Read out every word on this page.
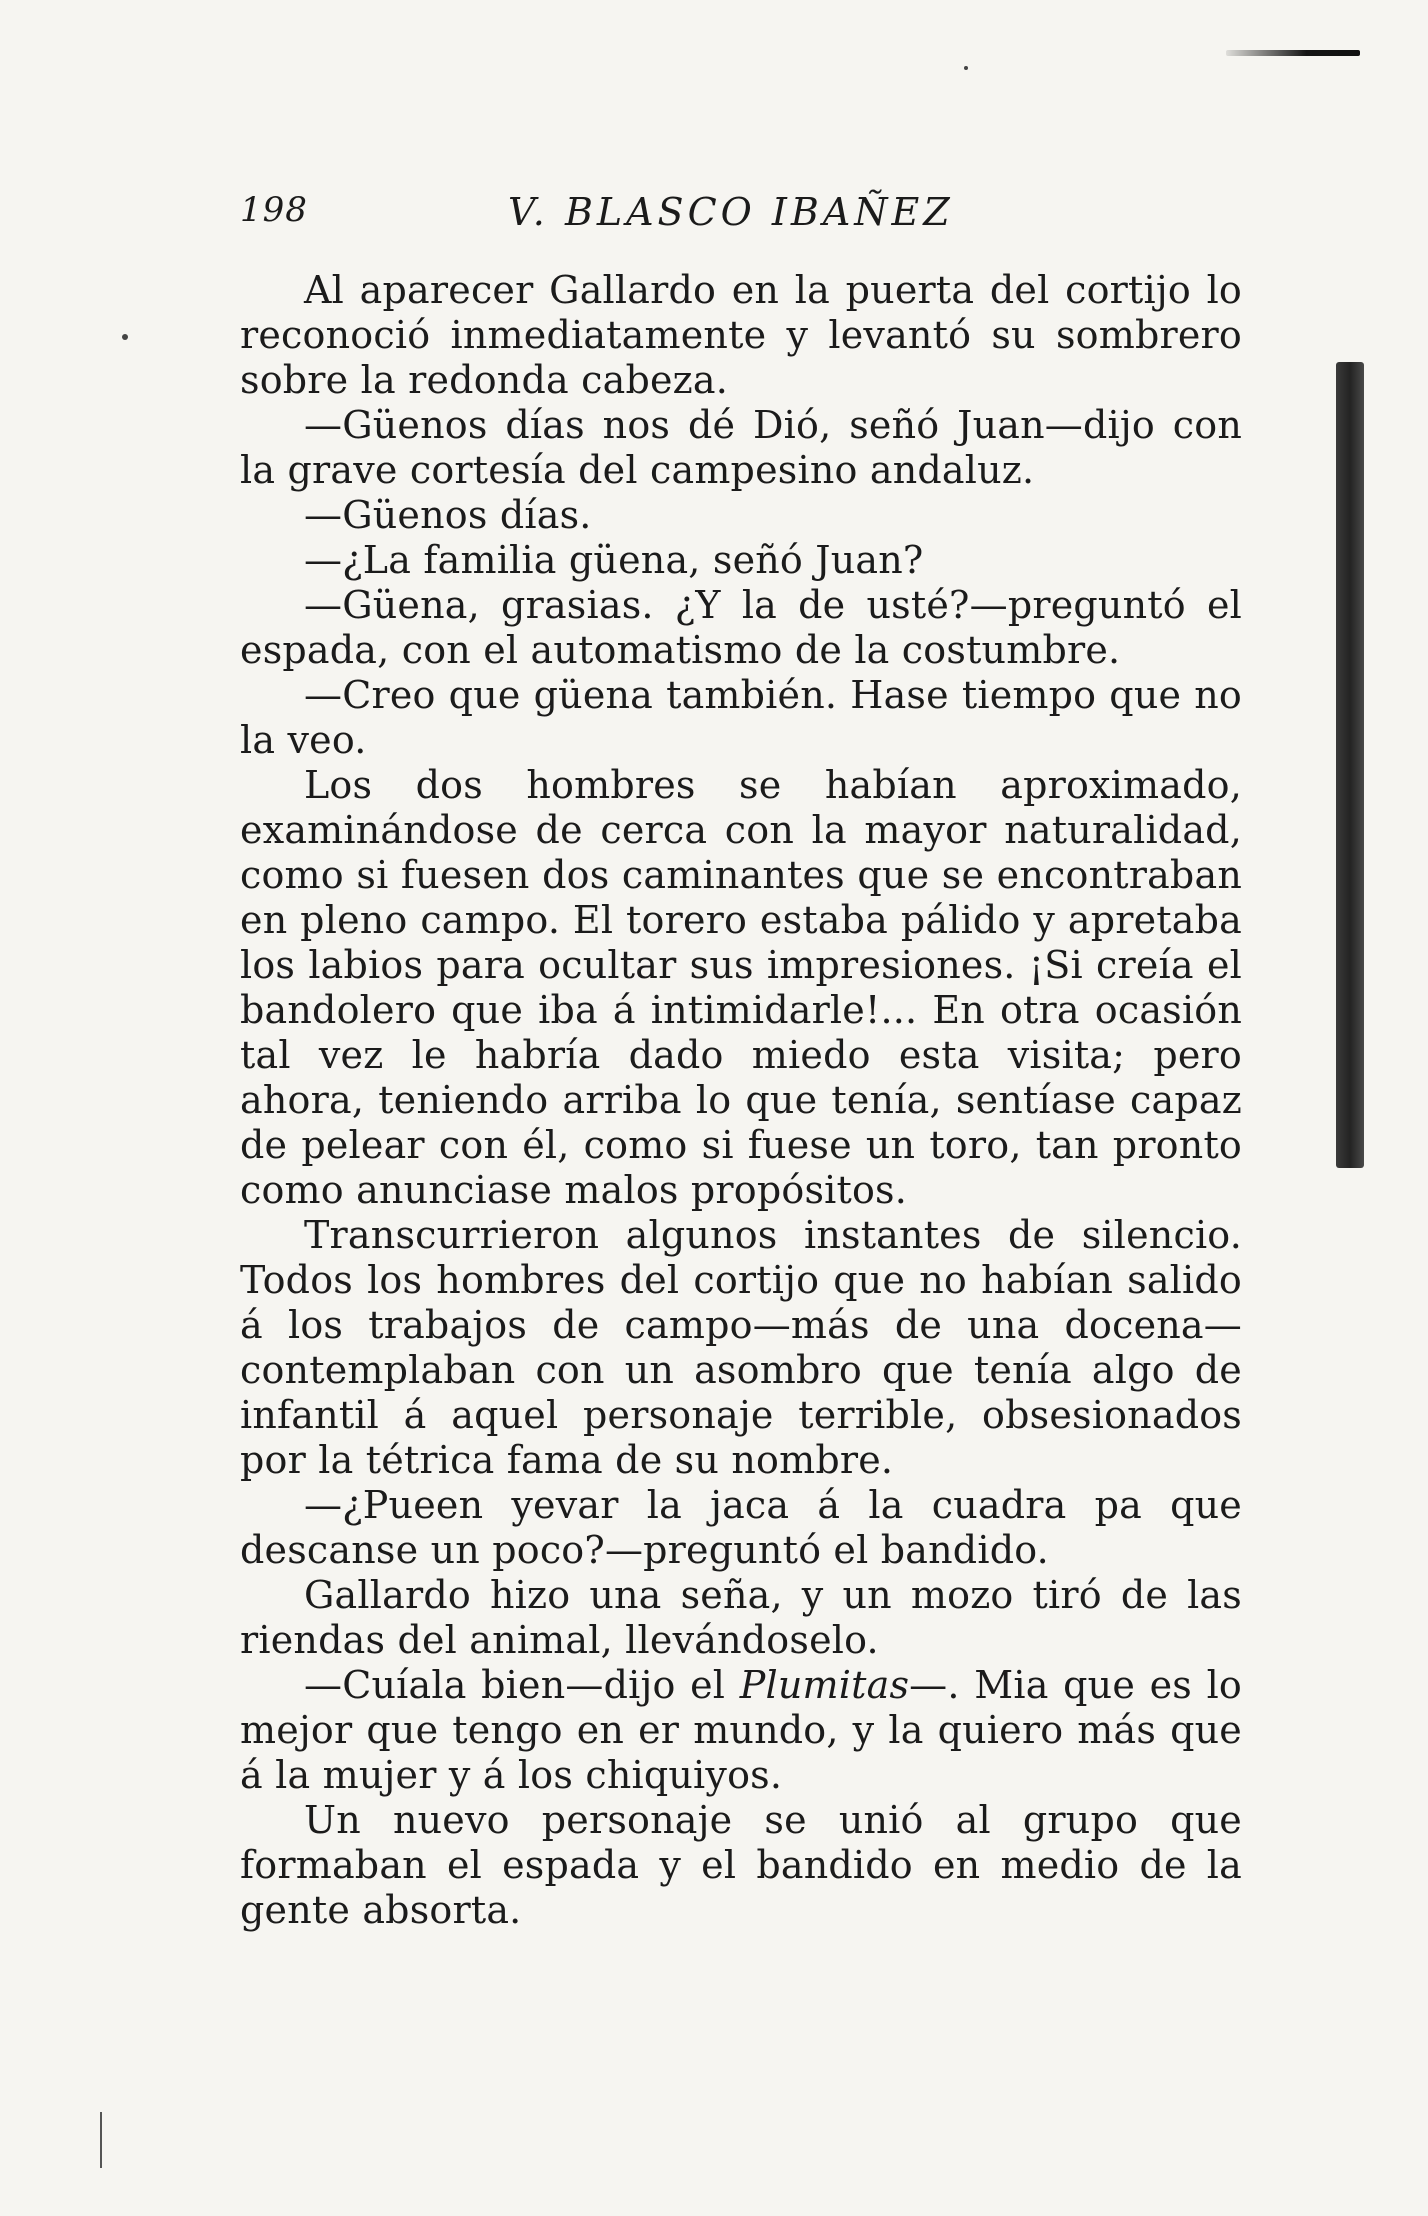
198	V. BLASCO IBAÑEZ

Al aparecer Gallardo en la puerta del cortijo lo reconoció inmediatamente y levantó su sombrero sobre la redonda cabeza.

—Güenos días nos dé Dió, señó Juan—dijo con la grave cortesía del campesino andaluz.

—Güenos días.

—¿La familia güena, señó Juan?

—Güena, grasias. ¿Y la de usté?—preguntó el espada, con el automatismo de la costumbre.

—Creo que güena también. Hase tiempo que no la veo.

Los dos hombres se habían aproximado, examinándose de cerca con la mayor naturalidad, como si fuesen dos caminantes que se encontraban en pleno campo. El torero estaba pálido y apretaba los labios para ocultar sus impresiones. ¡Si creía el bandolero que iba á intimidarle!... En otra ocasión tal vez le habría dado miedo esta visita; pero ahora, teniendo arriba lo que tenía, sentíase capaz de pelear con él, como si fuese un toro, tan pronto como anunciase malos propósitos.

Transcurrieron algunos instantes de silencio. Todos los hombres del cortijo que no habían salido á los trabajos de campo—más de una docena—contemplaban con un asombro que tenía algo de infantil á aquel personaje terrible, obsesionados por la tétrica fama de su nombre.

—¿Pueen yevar la jaca á la cuadra pa que descanse un poco?—preguntó el bandido.

Gallardo hizo una seña, y un mozo tiró de las riendas del animal, llevándoselo.

—Cuíala bien—dijo el Plumitas—. Mia que es lo mejor que tengo en er mundo, y la quiero más que á la mujer y á los chiquiyos.

Un nuevo personaje se unió al grupo que formaban el espada y el bandido en medio de la gente absorta.
